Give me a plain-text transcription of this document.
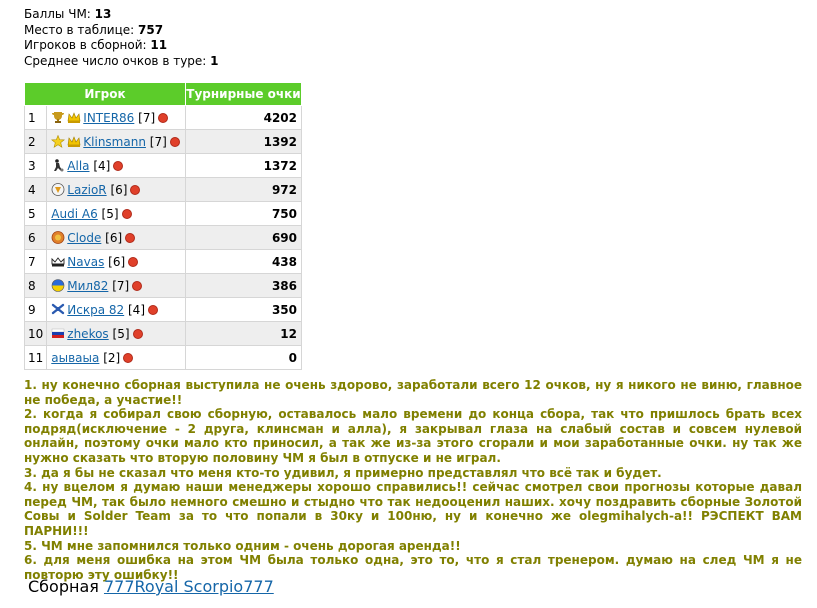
Баллы ЧМ: 13
Место в таблице: 757
Игроков в сборной: 11
Среднее число очков в туре: 1
Игрок		Турнирные очки
1	INTER86 [7]	4202
2	Klinsmann [7]	1392
3	Alla [4]	1372
4	LazioR [6]	972
5	Audi A6 [5]	750
6	Clode [6]	690
7	Navas [6]	438
8	Мил82 [7]	386
9	Искра 82 [4]	350
10	zhekos [5]	12
11	аываыа [2]	0

1. ну конечно сборная выступила не очень здорово, заработали всего 12 очков, ну я никого не виню, главное не победа, а участие!!

2. когда я собирал свою сборную, оставалось мало времени до конца сбора, так что пришлось брать всех подряд(исключение - 2 друга, клинсман и алла), я закрывал глаза на слабый состав и совсем нулевой онлайн, поэтому очки мало кто приносил, а так же из-за этого сгорали и мои заработанные очки. ну так же нужно сказать что вторую половину ЧМ я был в отпуске и не играл.

3. да я бы не сказал что меня кто-то удивил, я примерно представлял что всё так и будет.

4. ну вцелом я думаю наши менеджеры хорошо справились!! сейчас смотрел свои прогнозы которые давал перед ЧМ, так было немного смешно и стыдно что так недооценил наших. хочу поздравить сборные Золотой Совы и Solder Team за то что попали в 30ку и 100ню, ну и конечно же olegmihalych-а!! РЭСПЕКТ ВАМ ПАРНИ!!!

5. ЧМ мне запомнился только одним - очень дорогая аренда!!

6. для меня ошибка на этом ЧМ была только одна, это то, что я стал тренером. думаю на след ЧМ я не повторю эту ошибку!!

Сборная 777Royal Scorpio777
